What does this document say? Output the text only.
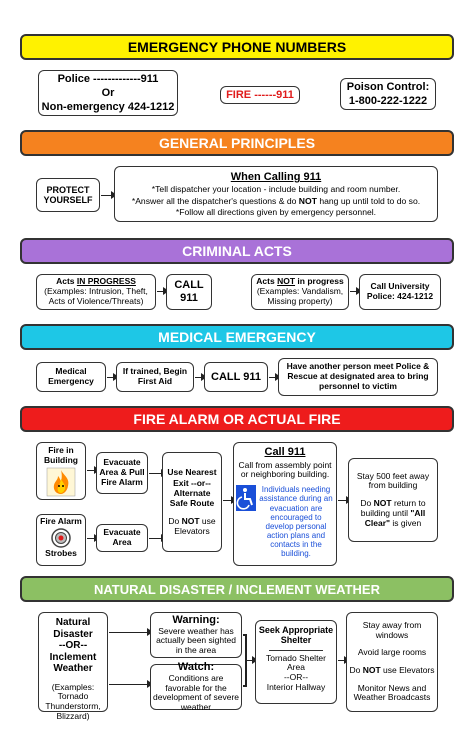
EMERGENCY PHONE NUMBERS
Police -------------911
Or
Non-emergency 424-1212
FIRE ------911
Poison Control:
1-800-222-1222
GENERAL PRINCIPLES
PROTECT YOURSELF
When Calling 911
*Tell dispatcher your location - include building and room number.
*Answer all the dispatcher's questions & do NOT hang up until told to do so.
*Follow all directions given by emergency personnel.
CRIMINAL ACTS
Acts IN PROGRESS
(Examples: Intrusion, Theft, Acts of Violence/Threats)
CALL
911
Acts NOT in progress
(Examples: Vandalism, Missing property)
Call University Police: 424-1212
MEDICAL EMERGENCY
Medical Emergency
If trained, Begin First Aid	CALL 911
Have another person meet Police & Rescue at designated area to bring personnel to victim
FIRE ALARM OR ACTUAL FIRE
Fire in Building
Fire Alarm
Strobes
Evacuate Area & Pull Fire Alarm
Evacuate Area
Use Nearest Exit --or-- Alternate Safe Route
Do NOT use Elevators
Call 911
Call from assembly point or neighboring building.
Individuals needing assistance during an evacuation are encouraged to develop personal action plans and contacts in the building.
Stay 500 feet away from building
Do NOT return to building until "All Clear" is given
NATURAL DISASTER / INCLEMENT WEATHER
Natural Disaster
--OR--
Inclement Weather
(Examples: Tornado Thunderstorm, Blizzard)
Warning:
Severe weather has actually been sighted in the area
Watch:
Conditions are favorable for the development of severe weather
Seek Appropriate Shelter
Tornado Shelter Area
--OR--
Interior Hallway
Stay away from windows
Avoid large rooms
Do NOT use Elevators
Monitor News and Weather Broadcasts
